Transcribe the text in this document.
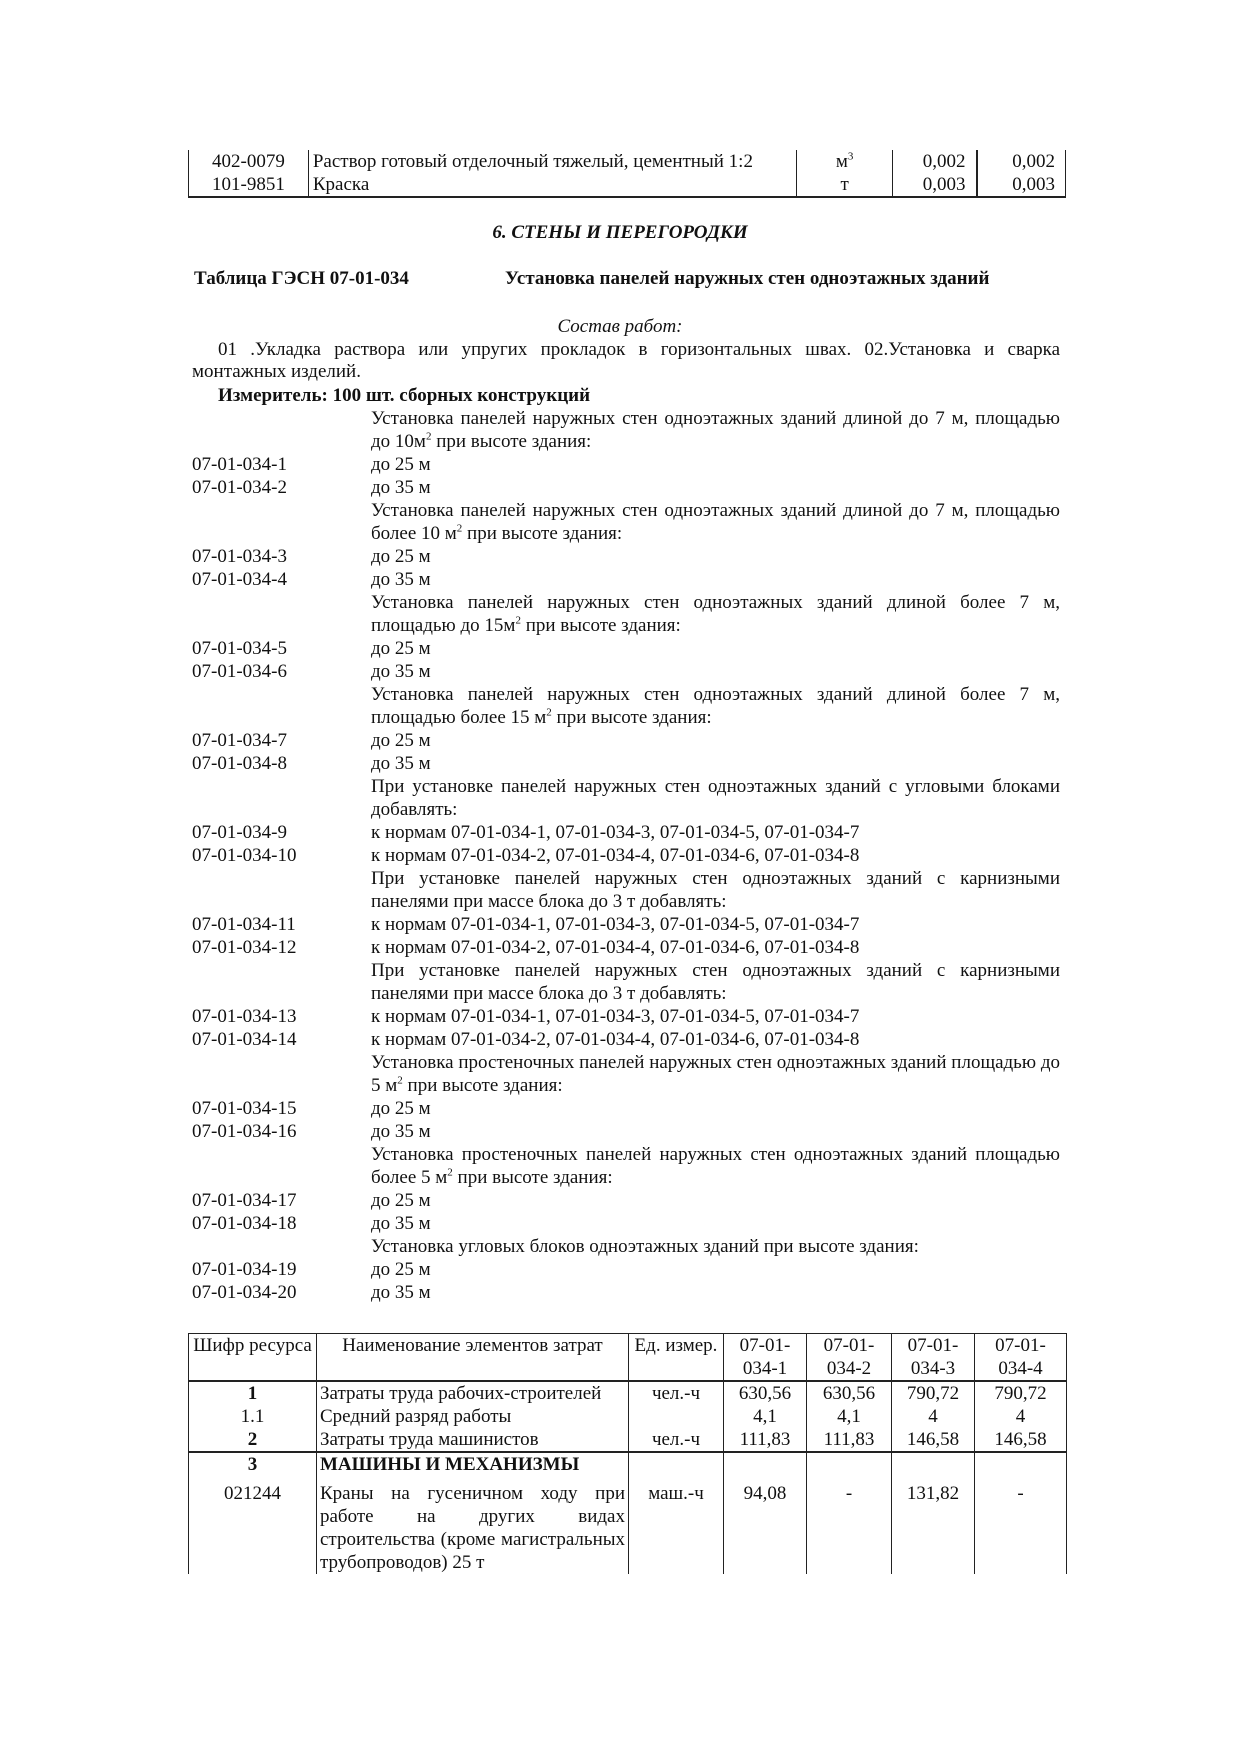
402-0079	Раствор готовый отделочный тяжелый, цементный 1:2	$м^3$	0,002	0,002
101-9851	Краска	т	0,003	0,003
6. СТЕНЫ И ПЕРЕГОРОДКИ
Таблица ГЭСН 07-01-034	Установка панелей наружных стен одноэтажных зданий
Состав работ:
01 .Укладка раствора или упругих прокладок в горизонтальных швах. 02.Установка и сварка монтажных изделий.
Измеритель: 100 шт. сборных конструкций
Установка панелей наружных стен одноэтажных зданий длиной до 7 м, площадью до $10м^2$ при высоте здания:
07-01-034-1	до 25 м
07-01-034-2	до 35 м
Установка панелей наружных стен одноэтажных зданий длиной до 7 м, площадью более 10 $м^2$ при высоте здания:
07-01-034-3	до 25 м
07-01-034-4	до 35 м
Установка панелей наружных стен одноэтажных зданий длиной более 7 м, площадью до $15м^2$ при высоте здания:
07-01-034-5	до 25 м
07-01-034-6	до 35 м
Установка панелей наружных стен одноэтажных зданий длиной более 7 м, площадью более 15 $м^2$ при высоте здания:
07-01-034-7	до 25 м
07-01-034-8	до 35 м
При установке панелей наружных стен одноэтажных зданий с угловыми блоками добавлять:
07-01-034-9	к нормам 07-01-034-1, 07-01-034-3, 07-01-034-5, 07-01-034-7
07-01-034-10	к нормам 07-01-034-2, 07-01-034-4, 07-01-034-6, 07-01-034-8
При установке панелей наружных стен одноэтажных зданий с карнизными панелями при массе блока до 3 т добавлять:
07-01-034-11	к нормам 07-01-034-1, 07-01-034-3, 07-01-034-5, 07-01-034-7
07-01-034-12	к нормам 07-01-034-2, 07-01-034-4, 07-01-034-6, 07-01-034-8
При установке панелей наружных стен одноэтажных зданий с карнизными панелями при массе блока до 3 т добавлять:
07-01-034-13	к нормам 07-01-034-1, 07-01-034-3, 07-01-034-5, 07-01-034-7
07-01-034-14	к нормам 07-01-034-2, 07-01-034-4, 07-01-034-6, 07-01-034-8
Установка простеночных панелей наружных стен одноэтажных зданий площадью до 5 $м^2$ при высоте здания:
07-01-034-15	до 25 м
07-01-034-16	до 35 м
Установка простеночных панелей наружных стен одноэтажных зданий площадью более 5 $м^2$ при высоте здания:
07-01-034-17	до 25 м
07-01-034-18	до 35 м
Установка угловых блоков одноэтажных зданий при высоте здания:
07-01-034-19	до 25 м
07-01-034-20	до 35 м
Шифр ресурса	Наименование элементов затрат	Ед. измер.	07-01-034-1	07-01-034-2	07-01-034-3	07-01-034-4
1	Затраты труда рабочих-строителей	чел.-ч	630,56	630,56	790,72	790,72
1.1	Средний разряд работы		4,1	4,1	4	4
2	Затраты труда машинистов	чел.-ч	111,83	111,83	146,58	146,58
3	МАШИНЫ И МЕХАНИЗМЫ					
021244	Краны на гусеничном ходу при работе на других видах строительства (кроме магистральных трубопроводов) 25 т	маш.-ч	94,08	-	131,82	-
